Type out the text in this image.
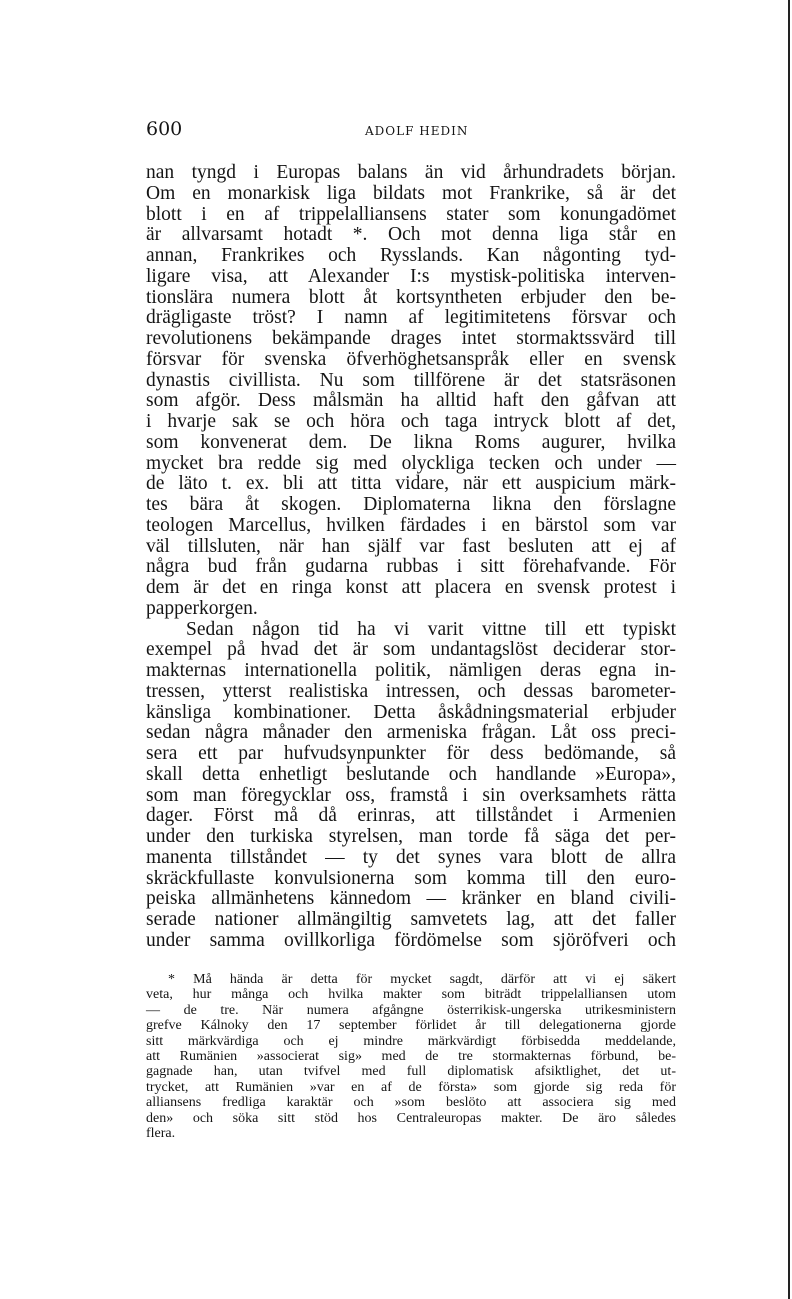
600	ADOLF HEDIN
nan tyngd i Europas balans än vid århundradets början.
Om en monarkisk liga bildats mot Frankrike, så är det
blott i en af trippelalliansens stater som konungadömet
är allvarsamt hotadt *. Och mot denna liga står en
annan, Frankrikes och Rysslands. Kan någonting tyd-
ligare visa, att Alexander I:s mystisk-politiska interven-
tionslära numera blott åt kortsyntheten erbjuder den be-
drägligaste tröst? I namn af legitimitetens försvar och
revolutionens bekämpande drages intet stormaktssvärd till
försvar för svenska öfverhöghetsanspråk eller en svensk
dynastis civillista. Nu som tillförene är det statsräsonen
som afgör. Dess målsmän ha alltid haft den gåfvan att
i hvarje sak se och höra och taga intryck blott af det,
som konvenerat dem. De likna Roms augurer, hvilka
mycket bra redde sig med olyckliga tecken och under —
de läto t. ex. bli att titta vidare, när ett auspicium märk-
tes bära åt skogen. Diplomaterna likna den förslagne
teologen Marcellus, hvilken färdades i en bärstol som var
väl tillsluten, när han själf var fast besluten att ej af
några bud från gudarna rubbas i sitt förehafvande. För
dem är det en ringa konst att placera en svensk protest i
papperkorgen.
Sedan någon tid ha vi varit vittne till ett typiskt
exempel på hvad det är som undantagslöst deciderar stor-
makternas internationella politik, nämligen deras egna in-
tressen, ytterst realistiska intressen, och dessas barometer-
känsliga kombinationer. Detta åskådningsmaterial erbjuder
sedan några månader den armeniska frågan. Låt oss preci-
sera ett par hufvudsynpunkter för dess bedömande, så
skall detta enhetligt beslutande och handlande »Europa»,
som man föregycklar oss, framstå i sin overksamhets rätta
dager. Först må då erinras, att tillståndet i Armenien
under den turkiska styrelsen, man torde få säga det per-
manenta tillståndet — ty det synes vara blott de allra
skräckfullaste konvulsionerna som komma till den euro-
peiska allmänhetens kännedom — kränker en bland civili-
serade nationer allmängiltig samvetets lag, att det faller
under samma ovillkorliga fördömelse som sjöröfveri och
* Må hända är detta för mycket sagdt, därför att vi ej säkert
veta, hur många och hvilka makter som biträdt trippelalliansen utom
— de tre. När numera afgångne österrikisk-ungerska utrikesministern
grefve Kálnoky den 17 september förlidet år till delegationerna gjorde
sitt märkvärdiga och ej mindre märkvärdigt förbisedda meddelande,
att Rumänien »associerat sig» med de tre stormakternas förbund, be-
gagnade han, utan tvifvel med full diplomatisk afsiktlighet, det ut-
trycket, att Rumänien »var en af de första» som gjorde sig reda för
alliansens fredliga karaktär och »som beslöto att associera sig med
den» och söka sitt stöd hos Centraleuropas makter. De äro således
flera.
